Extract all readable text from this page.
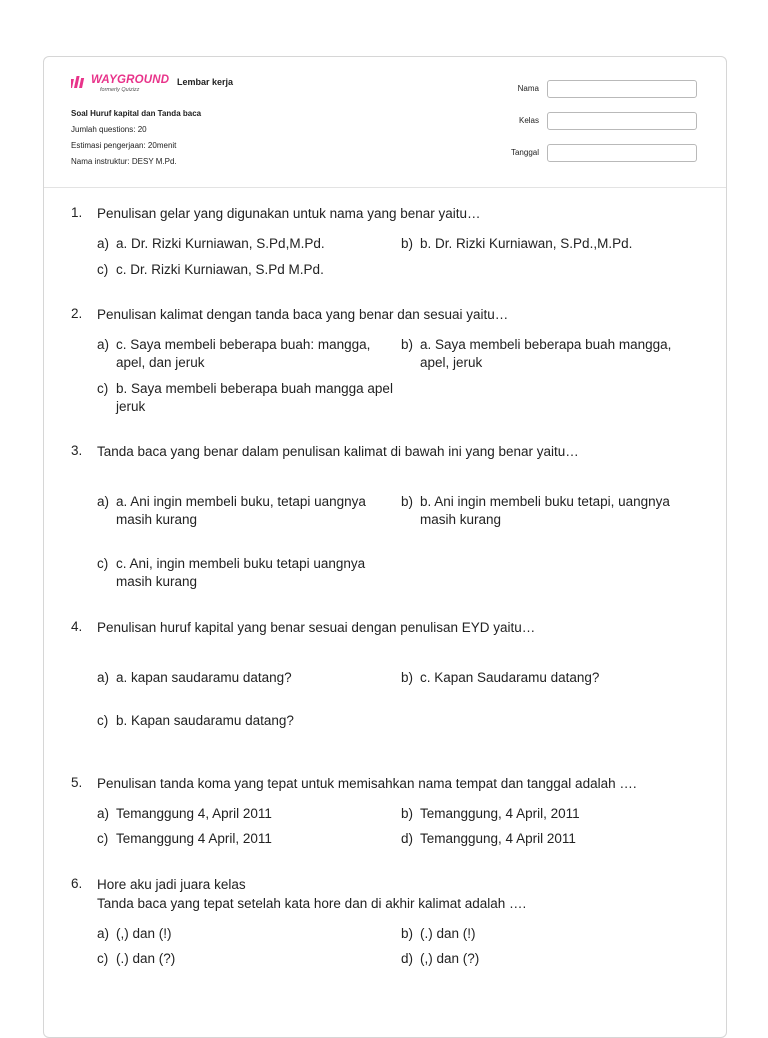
WAYGROUND
formerly Quizizz
Lembar kerja
Soal Huruf kapital dan Tanda baca
Jumlah questions: 20
Estimasi pengerjaan: 20menit
Nama instruktur: DESY M.Pd.
Nama
Kelas
Tanggal
1. Penulisan gelar yang digunakan untuk nama yang benar yaitu…
a) a. Dr. Rizki Kurniawan, S.Pd,M.Pd.	b) b. Dr. Rizki Kurniawan, S.Pd.,M.Pd.
c) c. Dr. Rizki Kurniawan, S.Pd M.Pd.
2. Penulisan kalimat dengan tanda baca yang benar dan sesuai yaitu…
a) c. Saya membeli beberapa buah: mangga, apel, dan jeruk
b) a. Saya membeli beberapa buah mangga, apel, jeruk
c) b. Saya membeli beberapa buah mangga apel jeruk
3. Tanda baca yang benar dalam penulisan kalimat di bawah ini yang benar yaitu…
a) a. Ani ingin membeli buku, tetapi uangnya masih kurang
b) b. Ani ingin membeli buku tetapi, uangnya masih kurang
c) c. Ani, ingin membeli buku tetapi uangnya masih kurang
4. Penulisan huruf kapital yang benar sesuai dengan penulisan EYD yaitu…
a) a. kapan saudaramu datang?	b) c. Kapan Saudaramu datang?
c) b. Kapan saudaramu datang?
5. Penulisan tanda koma yang tepat untuk memisahkan nama tempat dan tanggal adalah ….
a) Temanggung 4, April 2011	b) Temanggung, 4 April, 2011
c) Temanggung 4 April, 2011	d) Temanggung, 4 April 2011
6. Hore aku jadi juara kelas
Tanda baca yang tepat setelah kata hore dan di akhir kalimat adalah ….
a) (,) dan (!)	b) (.) dan (!)
c) (.) dan (?)	d) (,) dan (?)
